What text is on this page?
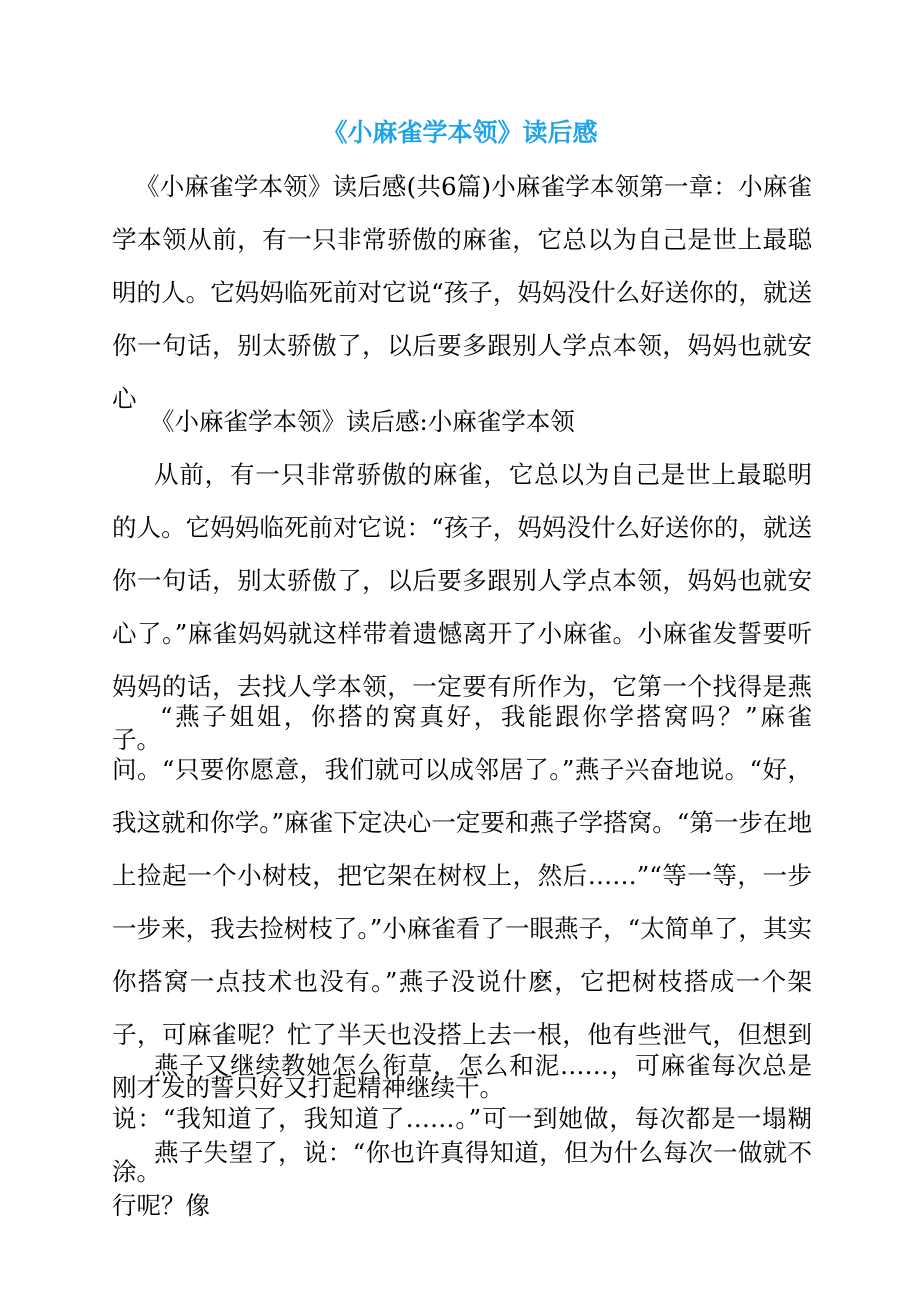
《小麻雀学本领》读后感

《小麻雀学本领》读后感(共6篇)小麻雀学本领第一章：小麻雀学本领从前，有一只非常骄傲的麻雀，它总以为自己是世上最聪明的人。它妈妈临死前对它说“孩子，妈妈没什么好送你的，就送你一句话，别太骄傲了，以后要多跟别人学点本领，妈妈也就安心

《小麻雀学本领》读后感:小麻雀学本领

从前，有一只非常骄傲的麻雀，它总以为自己是世上最聪明的人。它妈妈临死前对它说：“孩子，妈妈没什么好送你的，就送你一句话，别太骄傲了，以后要多跟别人学点本领，妈妈也就安心了。”麻雀妈妈就这样带着遗憾离开了小麻雀。小麻雀发誓要听妈妈的话，去找人学本领，一定要有所作为，它第一个找得是燕子。

“燕子姐姐，你搭的窝真好，我能跟你学搭窝吗？”麻雀问。“只要你愿意，我们就可以成邻居了。”燕子兴奋地说。“好，我这就和你学。”麻雀下定决心一定要和燕子学搭窝。“第一步在地上捡起一个小树枝，把它架在树杈上，然后……”“等一等，一步一步来，我去捡树枝了。”小麻雀看了一眼燕子，“太简单了，其实你搭窝一点技术也没有。”燕子没说什麽，它把树枝搭成一个架子，可麻雀呢？忙了半天也没搭上去一根，他有些泄气，但想到刚才发的誓只好又打起精神继续干。

燕子又继续教她怎么衔草，怎么和泥……，可麻雀每次总是说：“我知道了，我知道了……。”可一到她做，每次都是一塌糊涂。

燕子失望了，说：“你也许真得知道，但为什么每次一做就不行呢？像
